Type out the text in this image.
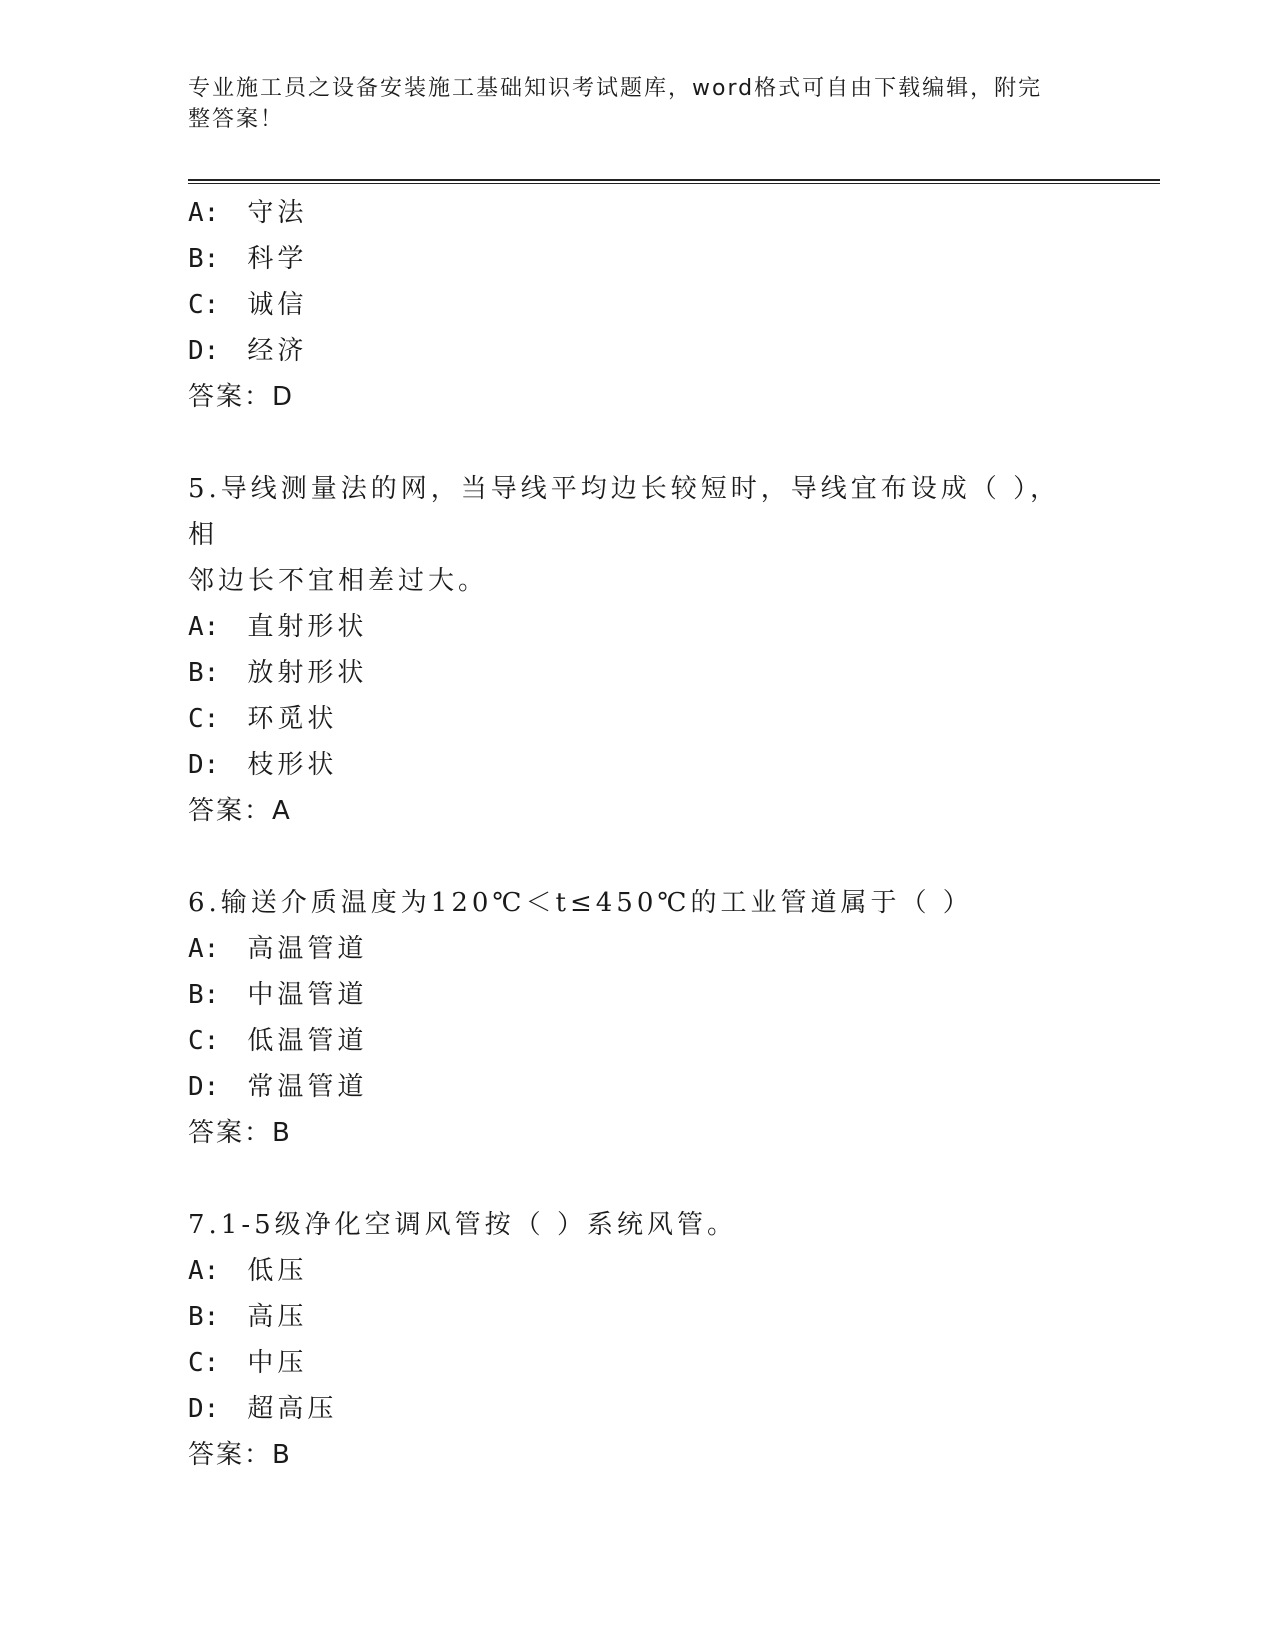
专业施工员之设备安装施工基础知识考试题库，word格式可自由下载编辑，附完
整答案！
A: 守法
B: 科学
C: 诚信
D: 经济
答案：D
5.导线测量法的网，当导线平均边长较短时，导线宜布设成（ ），相
邻边长不宜相差过大。
A: 直射形状
B: 放射形状
C: 环觅状
D: 枝形状
答案：A
6.输送介质温度为120℃＜t≤450℃的工业管道属于（ ）
A: 高温管道
B: 中温管道
C: 低温管道
D: 常温管道
答案：B
7.1-5级净化空调风管按（ ）系统风管。
A: 低压
B: 高压
C: 中压
D: 超高压
答案：B
